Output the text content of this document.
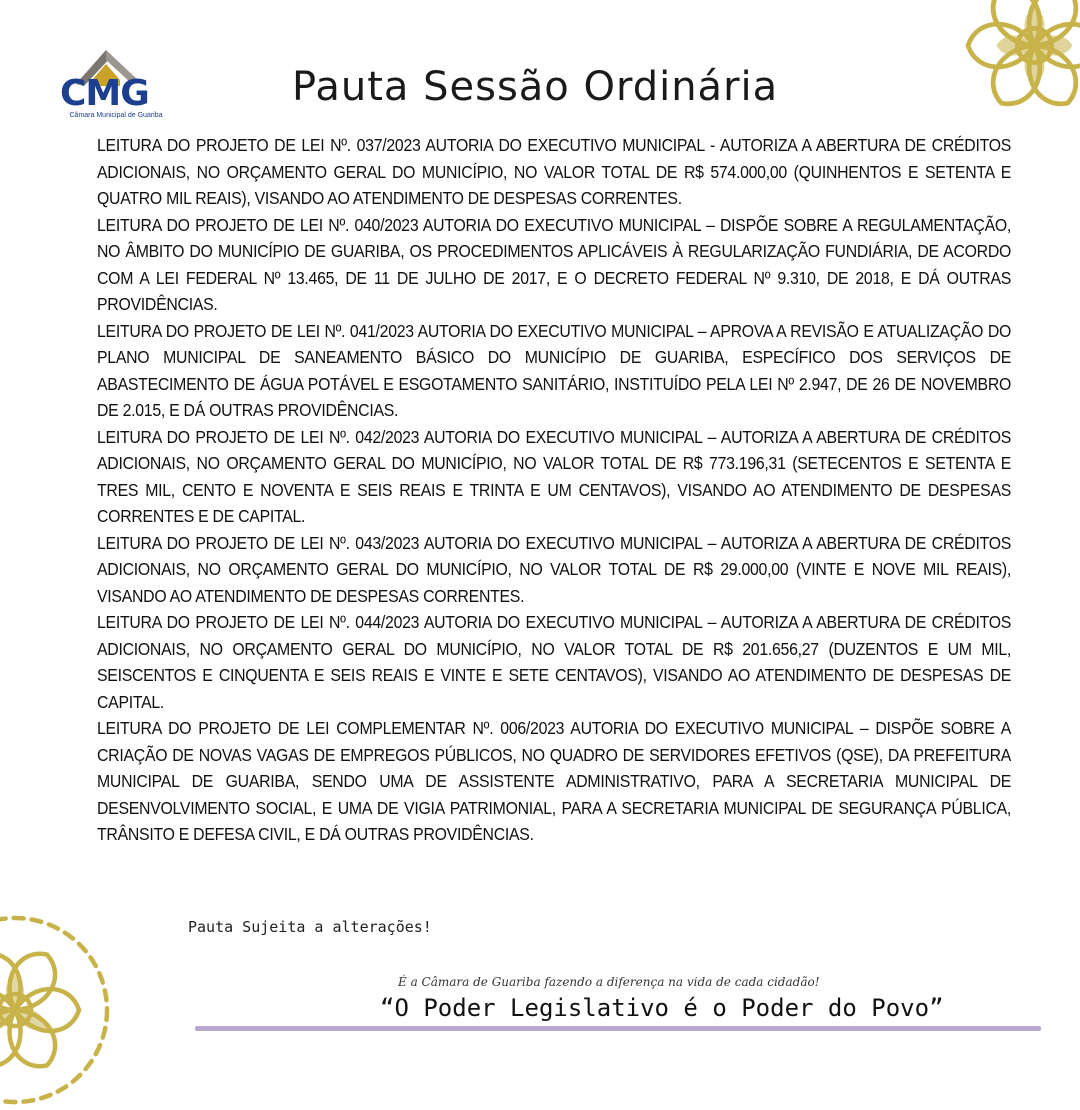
CMG
Câmara Municipal de Guariba
Pauta Sessão Ordinária

LEITURA DO PROJETO DE LEI Nº. 037/2023 AUTORIA DO EXECUTIVO MUNICIPAL - AUTORIZA A ABERTURA DE CRÉDITOS ADICIONAIS, NO ORÇAMENTO GERAL DO MUNICÍPIO, NO VALOR TOTAL DE R$ 574.000,00 (QUINHENTOS E SETENTA E QUATRO MIL REAIS), VISANDO AO ATENDIMENTO DE DESPESAS CORRENTES.

LEITURA DO PROJETO DE LEI Nº. 040/2023 AUTORIA DO EXECUTIVO MUNICIPAL – DISPÕE SOBRE A REGULAMENTAÇÃO, NO ÂMBITO DO MUNICÍPIO DE GUARIBA, OS PROCEDIMENTOS APLICÁVEIS À REGULARIZAÇÃO FUNDIÁRIA, DE ACORDO COM A LEI FEDERAL Nº 13.465, DE 11 DE JULHO DE 2017, E O DECRETO FEDERAL Nº 9.310, DE 2018, E DÁ OUTRAS PROVIDÊNCIAS.

LEITURA DO PROJETO DE LEI Nº. 041/2023 AUTORIA DO EXECUTIVO MUNICIPAL – APROVA A REVISÃO E ATUALIZAÇÃO DO PLANO MUNICIPAL DE SANEAMENTO BÁSICO DO MUNICÍPIO DE GUARIBA, ESPECÍFICO DOS SERVIÇOS DE ABASTECIMENTO DE ÁGUA POTÁVEL E ESGOTAMENTO SANITÁRIO, INSTITUÍDO PELA LEI Nº 2.947, DE 26 DE NOVEMBRO DE 2.015, E DÁ OUTRAS PROVIDÊNCIAS.

LEITURA DO PROJETO DE LEI Nº. 042/2023 AUTORIA DO EXECUTIVO MUNICIPAL – AUTORIZA A ABERTURA DE CRÉDITOS ADICIONAIS, NO ORÇAMENTO GERAL DO MUNICÍPIO, NO VALOR TOTAL DE R$ 773.196,31 (SETECENTOS E SETENTA E TRES MIL, CENTO E NOVENTA E SEIS REAIS E TRINTA E UM CENTAVOS), VISANDO AO ATENDIMENTO DE DESPESAS CORRENTES E DE CAPITAL.

LEITURA DO PROJETO DE LEI Nº. 043/2023 AUTORIA DO EXECUTIVO MUNICIPAL – AUTORIZA A ABERTURA DE CRÉDITOS ADICIONAIS, NO ORÇAMENTO GERAL DO MUNICÍPIO, NO VALOR TOTAL DE R$ 29.000,00 (VINTE E NOVE MIL REAIS), VISANDO AO ATENDIMENTO DE DESPESAS CORRENTES.

LEITURA DO PROJETO DE LEI Nº. 044/2023 AUTORIA DO EXECUTIVO MUNICIPAL – AUTORIZA A ABERTURA DE CRÉDITOS ADICIONAIS, NO ORÇAMENTO GERAL DO MUNICÍPIO, NO VALOR TOTAL DE R$ 201.656,27 (DUZENTOS E UM MIL, SEISCENTOS E CINQUENTA E SEIS REAIS E VINTE E SETE CENTAVOS), VISANDO AO ATENDIMENTO DE DESPESAS DE CAPITAL.

LEITURA DO PROJETO DE LEI COMPLEMENTAR Nº. 006/2023 AUTORIA DO EXECUTIVO MUNICIPAL – DISPÕE SOBRE A CRIAÇÃO DE NOVAS VAGAS DE EMPREGOS PÚBLICOS, NO QUADRO DE SERVIDORES EFETIVOS (QSE), DA PREFEITURA MUNICIPAL DE GUARIBA, SENDO UMA DE ASSISTENTE ADMINISTRATIVO, PARA A SECRETARIA MUNICIPAL DE DESENVOLVIMENTO SOCIAL, E UMA DE VIGIA PATRIMONIAL, PARA A SECRETARIA MUNICIPAL DE SEGURANÇA PÚBLICA, TRÂNSITO E DEFESA CIVIL, E DÁ OUTRAS PROVIDÊNCIAS.

Pauta Sujeita a alterações!
É a Câmara de Guariba fazendo a diferença na vida de cada cidadão!
“O Poder Legislativo é o Poder do Povo”
